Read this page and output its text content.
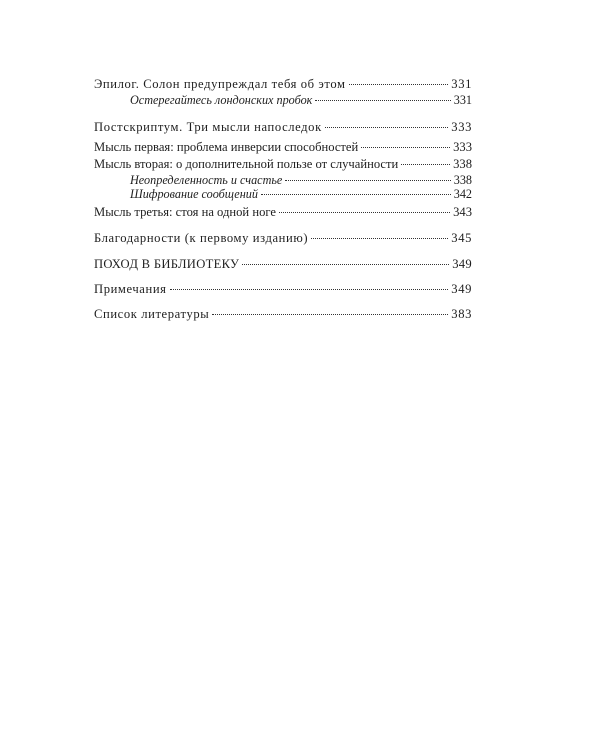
Эпилог. Солон предупреждал тебя об этом	331
Остерегайтесь лондонских пробок	331
Постскриптум. Три мысли напоследок	333
Мысль первая: проблема инверсии способностей	333
Мысль вторая: о дополнительной пользе от случайности	338
Неопределенность и счастье	338
Шифрование сообщений	342
Мысль третья: стоя на одной ноге	343
Благодарности (к первому изданию)	345
ПОХОД В БИБЛИОТЕКУ	349
Примечания	349
Список литературы	383
